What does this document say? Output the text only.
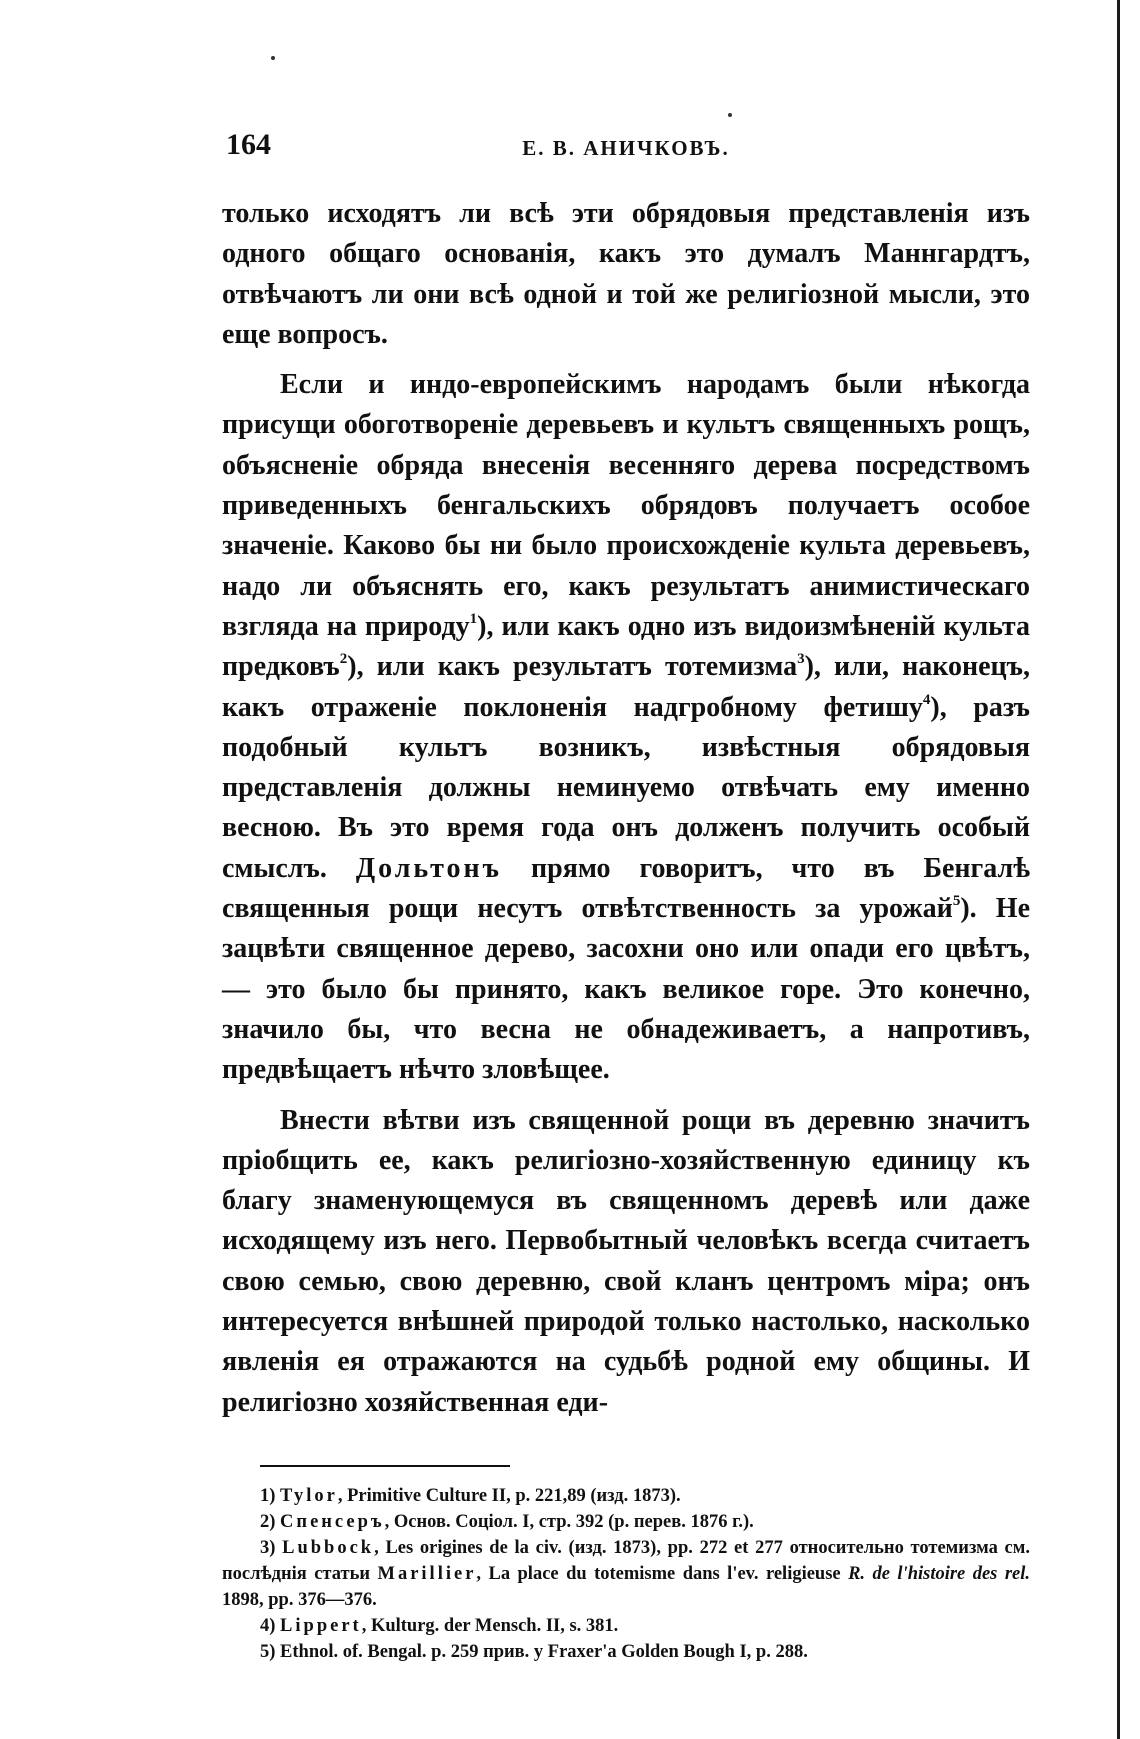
164	Е. В. АНИЧКОВЪ.

только исходятъ ли всѣ эти обрядовыя представленія изъ одного общаго основанія, какъ это думалъ Маннгардтъ, отвѣчаютъ ли они всѣ одной и той же религіозной мысли, это еще вопросъ.

Если и индо-европейскимъ народамъ были нѣкогда присущи обоготвореніе деревьевъ и культъ священныхъ рощъ, объясненіе обряда внесенія весенняго дерева посредствомъ приведенныхъ бенгальскихъ обрядовъ получаетъ особое значеніе. Каково бы ни было происхожденіе культа деревьевъ, надо ли объяснять его, какъ результатъ анимистическаго взгляда на природу$^1$), или какъ одно изъ видоизмѣненій культа предковъ$^2$), или какъ результатъ тотемизма$^3$), или, наконецъ, какъ отраженіе поклоненія надгробному фетишу$^4$), разъ подобный культъ возникъ, извѣстныя обрядовыя представленія должны неминуемо отвѣчать ему именно весною. Въ это время года онъ долженъ получить особый смыслъ. Дольтонъ прямо говоритъ, что въ Бенгалѣ священныя рощи несутъ отвѣтственность за урожай$^5$). Не зацвѣти священное дерево, засохни оно или опади его цвѣтъ, — это было бы принято, какъ великое горе. Это конечно, значило бы, что весна не обнадеживаетъ, а напротивъ, предвѣщаетъ нѣчто зловѣщее.

Внести вѣтви изъ священной рощи въ деревню значитъ пріобщить ее, какъ религіозно-хозяйственную единицу къ благу знаменующемуся въ священномъ деревѣ или даже исходящему изъ него. Первобытный человѣкъ всегда считаетъ свою семью, свою деревню, свой кланъ центромъ міра; онъ интересуется внѣшней природой только настолько, насколько явленія ея отражаются на судьбѣ родной ему общины. И религіозно хозяйственная еди-

1) Tylor, Primitive Culture II, p. 221,89 (изд. 1873).

2) Спенсеръ, Основ. Соціол. I, стр. 392 (р. перев. 1876 г.).

3) Lubbock, Les origines de la civ. (изд. 1873), pp. 272 et 277 относительно тотемизма см. послѣднія статьи Marillier, La place du totemisme dans l'ev. religieuse R. de l'histoire des rel. 1898, pp. 376—376.

4) Lippert, Kulturg. der Mensch. II, s. 381.

5) Ethnol. of. Bengal. p. 259 прив. у Fraxer'a Golden Bough I, p. 288.
